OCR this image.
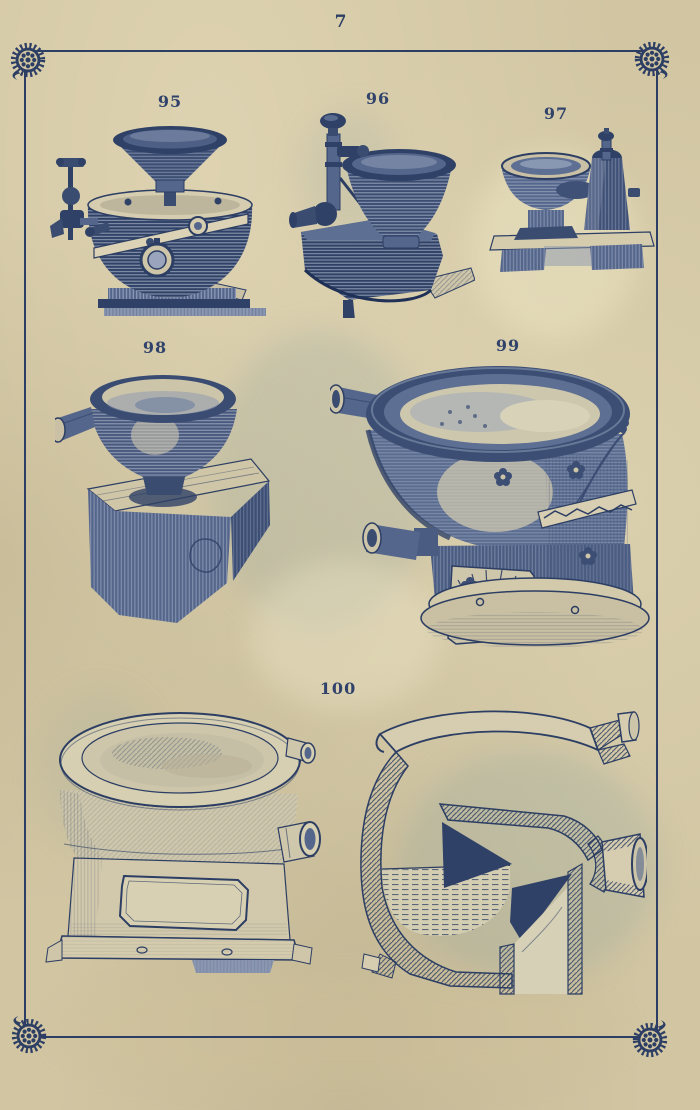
7
95	96
97
98	99
100
